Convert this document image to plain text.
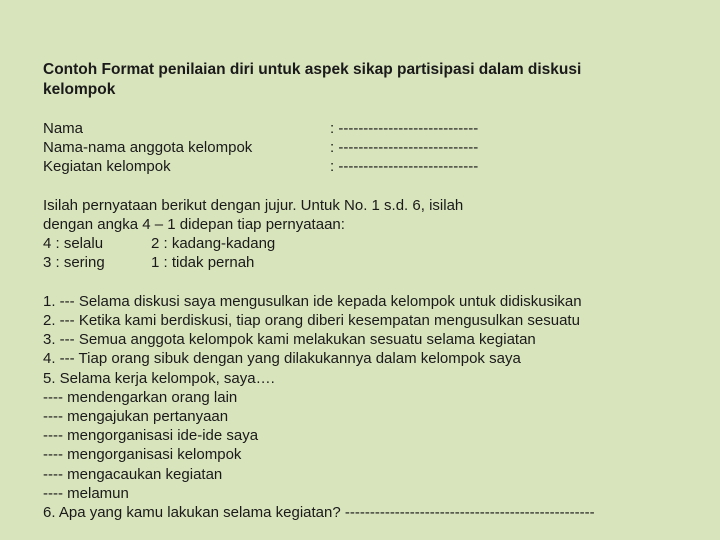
Contoh Format penilaian diri untuk aspek sikap partisipasi dalam diskusi kelompok
Nama	: ----------------------------
Nama-nama anggota kelompok	: ----------------------------
Kegiatan kelompok	: ----------------------------
Isilah pernyataan berikut dengan jujur. Untuk No. 1 s.d. 6, isilah
dengan angka 4 – 1 didepan tiap pernyataan:
4 : selalu	2 : kadang-kadang
3 : sering	1 : tidak pernah
1. --- Selama diskusi saya mengusulkan ide kepada kelompok untuk didiskusikan
2. --- Ketika kami berdiskusi, tiap orang diberi kesempatan mengusulkan sesuatu
3. --- Semua anggota kelompok kami melakukan sesuatu selama kegiatan
4. --- Tiap orang sibuk dengan yang dilakukannya dalam kelompok saya
5. Selama kerja kelompok, saya….
---- mendengarkan orang lain
---- mengajukan pertanyaan
---- mengorganisasi ide-ide saya
---- mengorganisasi kelompok
---- mengacaukan kegiatan
---- melamun
6. Apa yang kamu lakukan selama kegiatan? --------------------------------------------------
